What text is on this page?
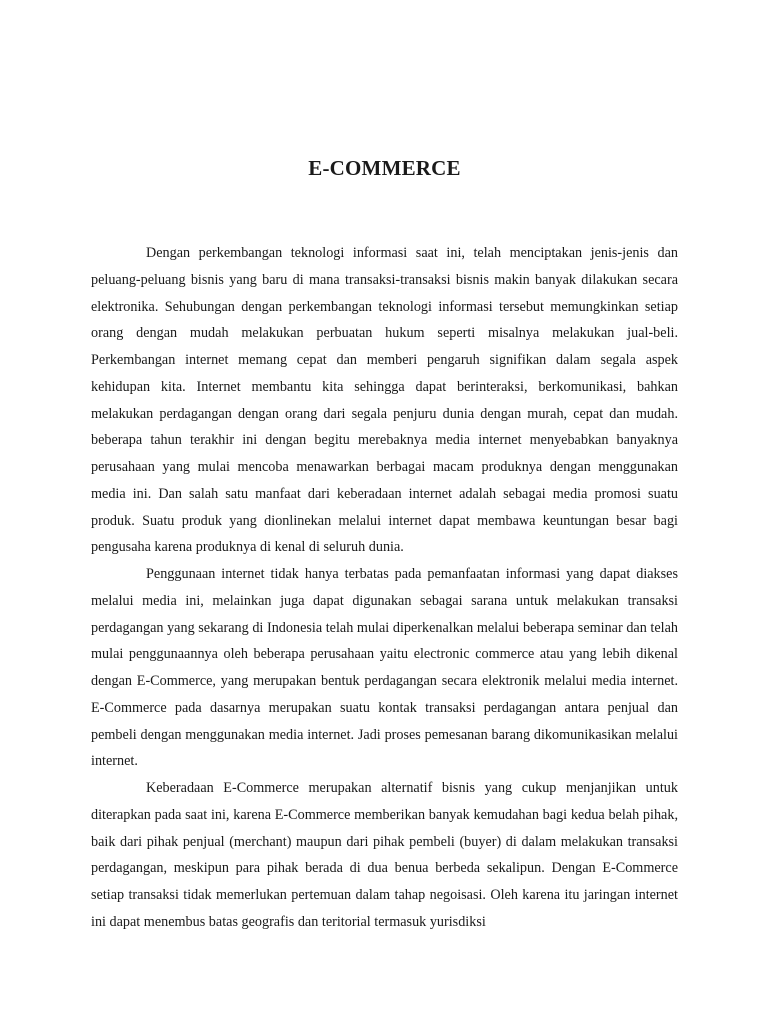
E-COMMERCE

Dengan perkembangan teknologi informasi saat ini, telah menciptakan jenis-jenis dan peluang-peluang bisnis yang baru di mana transaksi-transaksi bisnis makin banyak dilakukan secara elektronika. Sehubungan dengan perkembangan teknologi informasi tersebut memungkinkan setiap orang dengan mudah melakukan perbuatan hukum seperti misalnya melakukan jual-beli. Perkembangan internet memang cepat dan memberi pengaruh signifikan dalam segala aspek kehidupan kita. Internet membantu kita sehingga dapat berinteraksi, berkomunikasi, bahkan melakukan perdagangan dengan orang dari segala penjuru dunia dengan murah, cepat dan mudah. beberapa tahun terakhir ini dengan begitu merebaknya media internet menyebabkan banyaknya perusahaan yang mulai mencoba menawarkan berbagai macam produknya dengan menggunakan media ini. Dan salah satu manfaat dari keberadaan internet adalah sebagai media promosi suatu produk. Suatu produk yang dionlinekan melalui internet dapat membawa keuntungan besar bagi pengusaha karena produknya di kenal di seluruh dunia.

Penggunaan internet tidak hanya terbatas pada pemanfaatan informasi yang dapat diakses melalui media ini, melainkan juga dapat digunakan sebagai sarana untuk melakukan transaksi perdagangan yang sekarang di Indonesia telah mulai diperkenalkan melalui beberapa seminar dan telah mulai penggunaannya oleh beberapa perusahaan yaitu electronic commerce atau yang lebih dikenal dengan E-Commerce, yang merupakan bentuk perdagangan secara elektronik melalui media internet. E-Commerce pada dasarnya merupakan suatu kontak transaksi perdagangan antara penjual dan pembeli dengan menggunakan media internet. Jadi proses pemesanan barang dikomunikasikan melalui internet.

Keberadaan E-Commerce merupakan alternatif bisnis yang cukup menjanjikan untuk diterapkan pada saat ini, karena E-Commerce memberikan banyak kemudahan bagi kedua belah pihak, baik dari pihak penjual (merchant) maupun dari pihak pembeli (buyer) di dalam melakukan transaksi perdagangan, meskipun para pihak berada di dua benua berbeda sekalipun. Dengan E-Commerce setiap transaksi tidak memerlukan pertemuan dalam tahap negoisasi. Oleh karena itu jaringan internet ini dapat menembus batas geografis dan teritorial termasuk yurisdiksi
